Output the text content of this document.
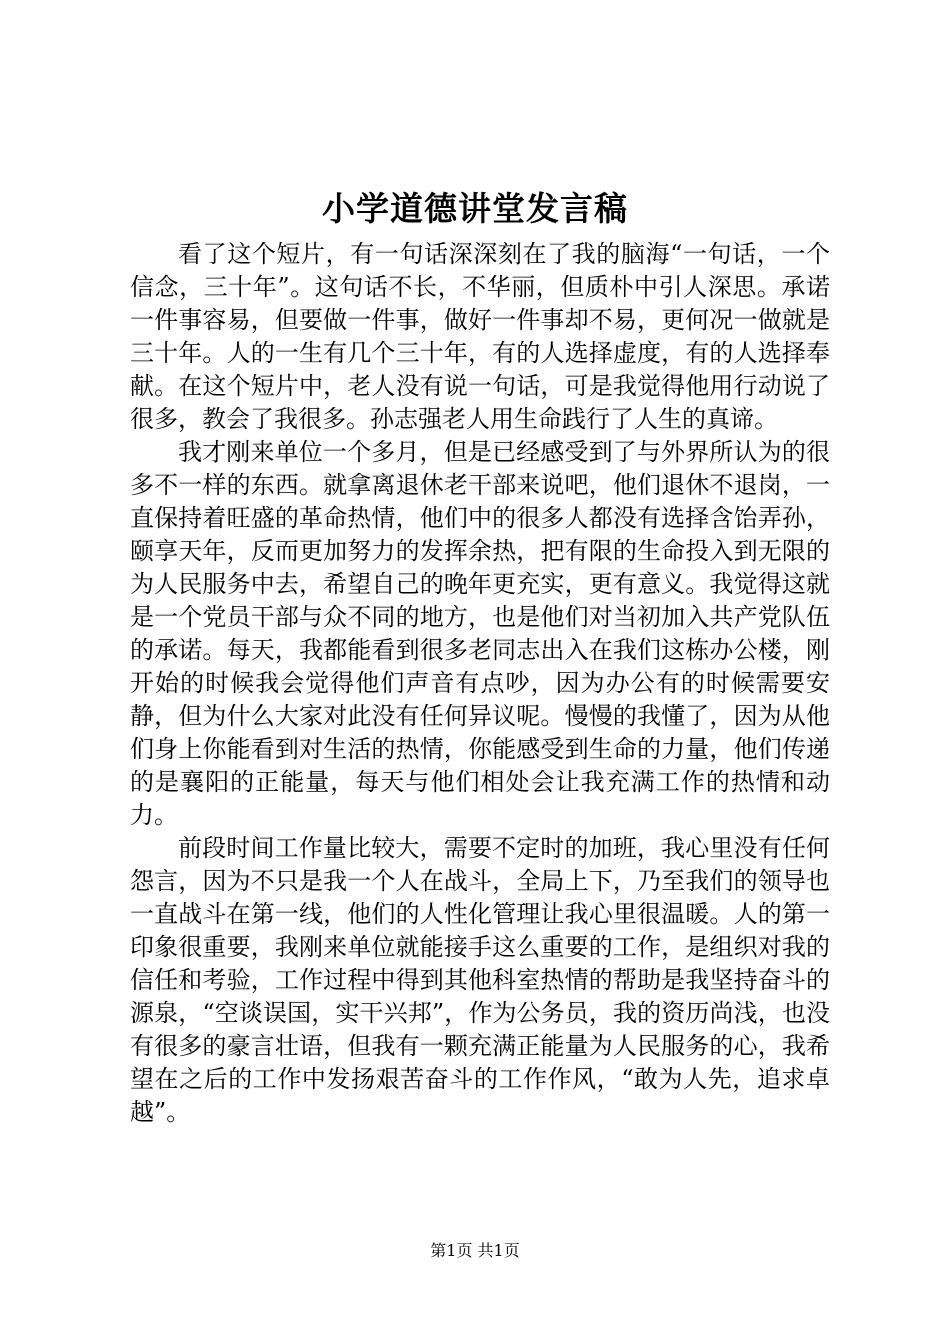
小学道德讲堂发言稿

看了这个短片，有一句话深深刻在了我的脑海“一句话，一个信念，三十年”。这句话不长，不华丽，但质朴中引人深思。承诺一件事容易，但要做一件事，做好一件事却不易，更何况一做就是三十年。人的一生有几个三十年，有的人选择虚度，有的人选择奉献。在这个短片中，老人没有说一句话，可是我觉得他用行动说了很多，教会了我很多。孙志强老人用生命践行了人生的真谛。

我才刚来单位一个多月，但是已经感受到了与外界所认为的很多不一样的东西。就拿离退休老干部来说吧，他们退休不退岗，一直保持着旺盛的革命热情，他们中的很多人都没有选择含饴弄孙，颐享天年，反而更加努力的发挥余热，把有限的生命投入到无限的为人民服务中去，希望自己的晚年更充实，更有意义。我觉得这就是一个党员干部与众不同的地方，也是他们对当初加入共产党队伍的承诺。每天，我都能看到很多老同志出入在我们这栋办公楼，刚开始的时候我会觉得他们声音有点吵，因为办公有的时候需要安静，但为什么大家对此没有任何异议呢。慢慢的我懂了，因为从他们身上你能看到对生活的热情，你能感受到生命的力量，他们传递的是襄阳的正能量，每天与他们相处会让我充满工作的热情和动力。

前段时间工作量比较大，需要不定时的加班，我心里没有任何怨言，因为不只是我一个人在战斗，全局上下，乃至我们的领导也一直战斗在第一线，他们的人性化管理让我心里很温暖。人的第一印象很重要，我刚来单位就能接手这么重要的工作，是组织对我的信任和考验，工作过程中得到其他科室热情的帮助是我坚持奋斗的源泉，“空谈误国，实干兴邦”，作为公务员，我的资历尚浅，也没有很多的豪言壮语，但我有一颗充满正能量为人民服务的心，我希望在之后的工作中发扬艰苦奋斗的工作作风，“敢为人先，追求卓越”。

第1页 共1页
